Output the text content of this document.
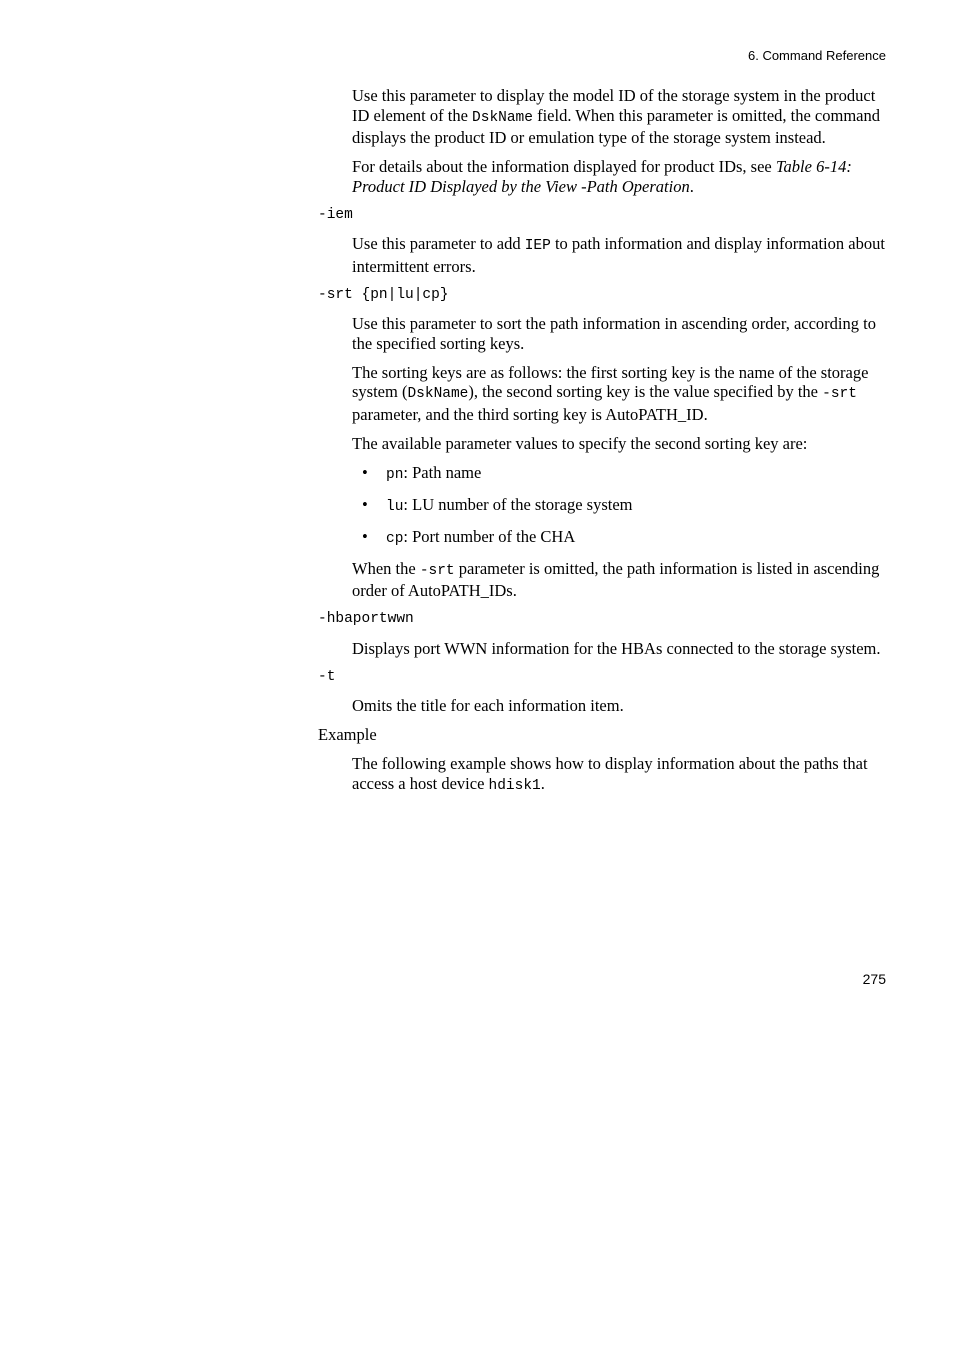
6. Command Reference

Use this parameter to display the model ID of the storage system in the product ID element of the DskName field. When this parameter is omitted, the command displays the product ID or emulation type of the storage system instead.

For details about the information displayed for product IDs, see Table 6-14: Product ID Displayed by the View -Path Operation.

-iem

Use this parameter to add IEP to path information and display information about intermittent errors.

-srt {pn|lu|cp}

Use this parameter to sort the path information in ascending order, according to the specified sorting keys.

The sorting keys are as follows: the first sorting key is the name of the storage system (DskName), the second sorting key is the value specified by the -srt parameter, and the third sorting key is AutoPATH_ID.

The available parameter values to specify the second sorting key are:

• pn: Path name
• lu: LU number of the storage system
• cp: Port number of the CHA

When the -srt parameter is omitted, the path information is listed in ascending order of AutoPATH_IDs.

-hbaportwwn

Displays port WWN information for the HBAs connected to the storage system.

-t

Omits the title for each information item.

Example

The following example shows how to display information about the paths that access a host device hdisk1.

275
